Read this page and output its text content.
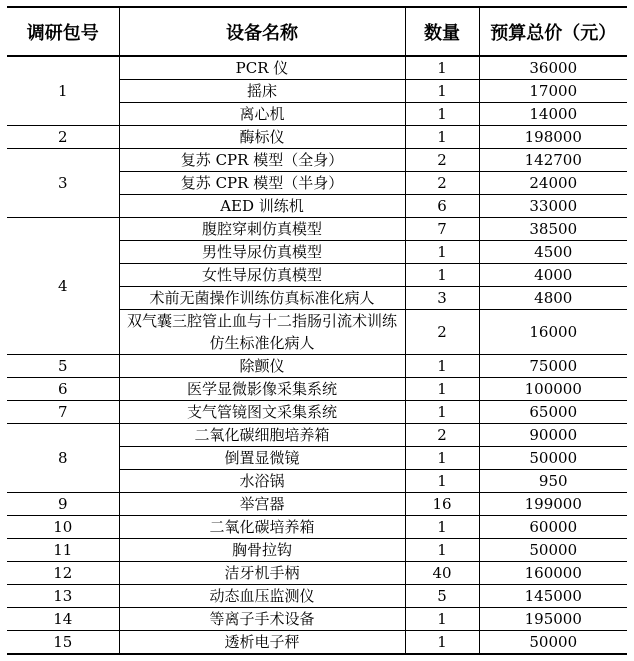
调研包号	设备名称	数量	预算总价（元）
1	PCR 仪	1	36000
	摇床	1	17000
	离心机	1	14000
2	酶标仪	1	198000
3	复苏 CPR 模型（全身）	2	142700
	复苏 CPR 模型（半身）	2	24000
	AED 训练机	6	33000
4	腹腔穿刺仿真模型	7	38500
	男性导尿仿真模型	1	4500
	女性导尿仿真模型	1	4000
	术前无菌操作训练仿真标准化病人	3	4800
	双气囊三腔管止血与十二指肠引流术训练仿生标准化病人	2	16000
5	除颤仪	1	75000
6	医学显微影像采集系统	1	100000
7	支气管镜图文采集系统	1	65000
8	二氧化碳细胞培养箱	2	90000
	倒置显微镜	1	50000
	水浴锅	1	950
9	举宫器	16	199000
10	二氧化碳培养箱	1	60000
11	胸骨拉钩	1	50000
12	洁牙机手柄	40	160000
13	动态血压监测仪	5	145000
14	等离子手术设备	1	195000
15	透析电子秤	1	50000
